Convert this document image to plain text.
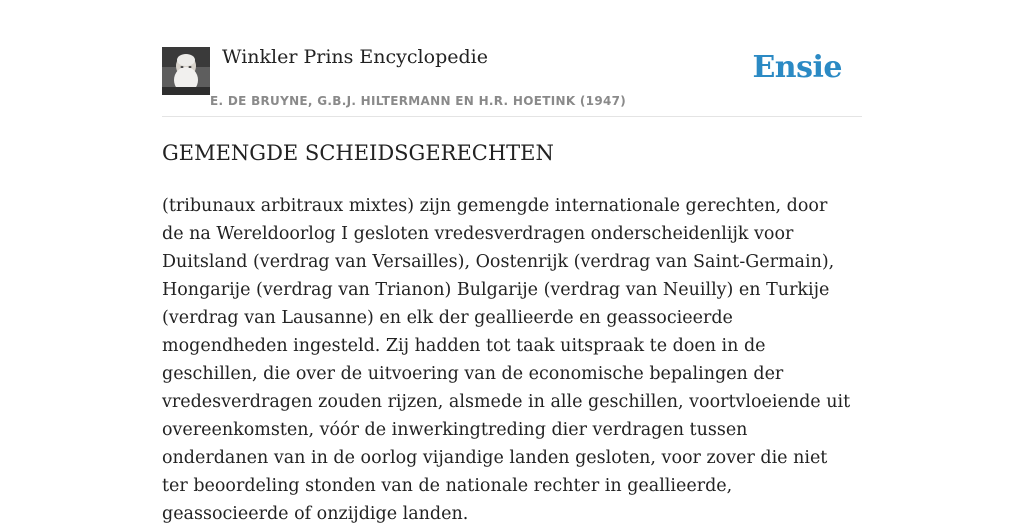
Winkler Prins Encyclopedie
E. DE BRUYNE, G.B.J. HILTERMANN EN H.R. HOETINK (1947)
Ensie
GEMENGDE SCHEIDSGERECHTEN

(tribunaux arbitraux mixtes) zijn gemengde internationale gerechten, door de na Wereldoorlog I gesloten vredesverdragen onderscheidenlijk voor Duitsland (verdrag van Versailles), Oostenrijk (verdrag van Saint-Germain), Hongarije (verdrag van Trianon) Bulgarije (verdrag van Neuilly) en Turkije (verdrag van Lausanne) en elk der geallieerde en geassocieerde mogendheden ingesteld. Zij hadden tot taak uitspraak te doen in de geschillen, die over de uitvoering van de economische bepalingen der vredesverdragen zouden rijzen, alsmede in alle geschillen, voortvloeiende uit overeenkomsten, vóór de inwerkingtreding dier verdragen tussen onderdanen van in de oorlog vijandige landen gesloten, voor zover die niet ter beoordeling stonden van de nationale rechter in geallieerde, geassocieerde of onzijdige landen.
